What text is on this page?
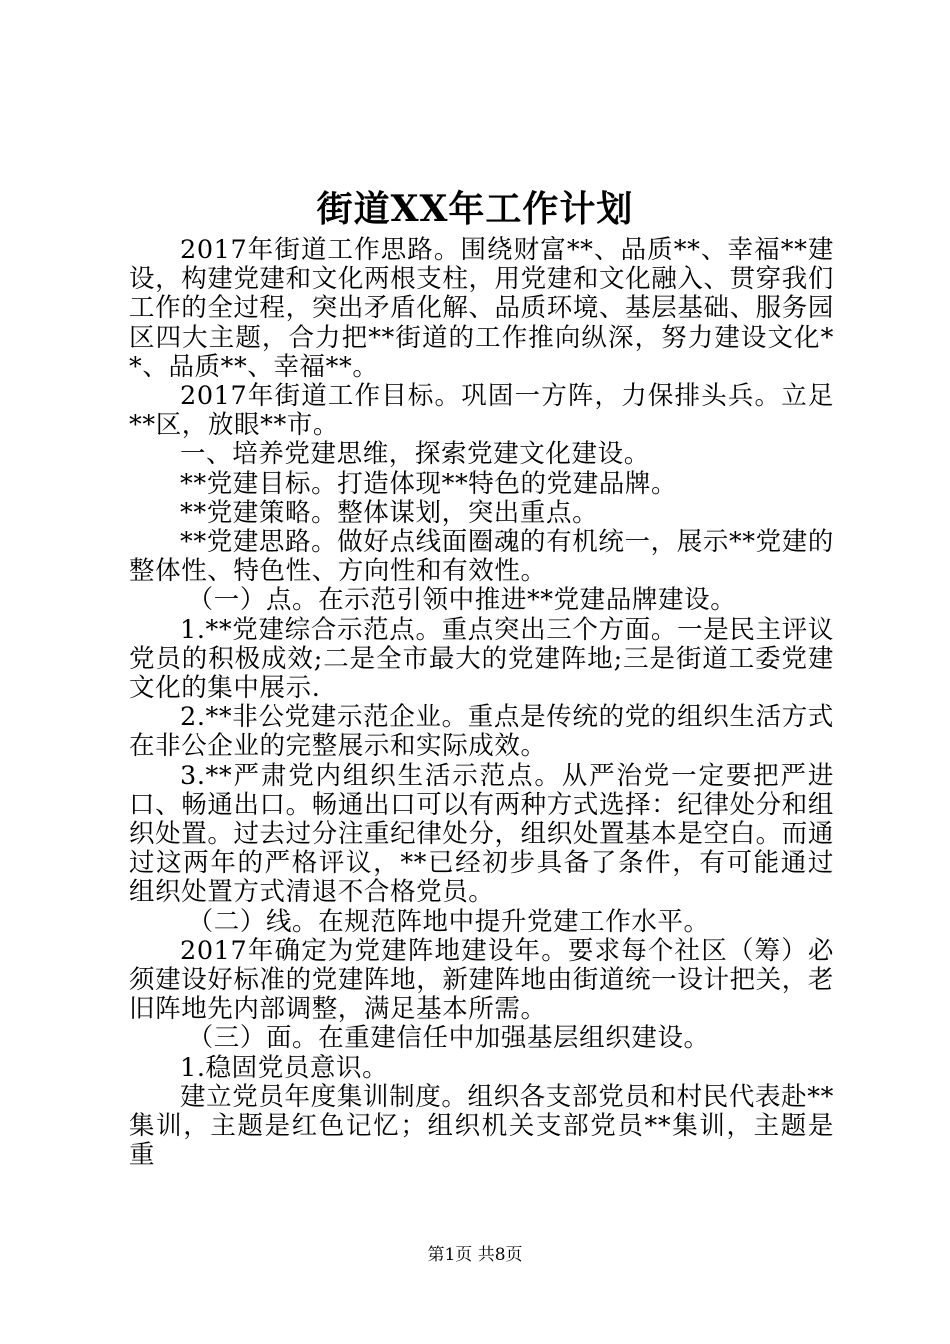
街道XX年工作计划

2017年街道工作思路。围绕财富**、品质**、幸福**建设，构建党建和文化两根支柱，用党建和文化融入、贯穿我们工作的全过程，突出矛盾化解、品质环境、基层基础、服务园区四大主题，合力把**街道的工作推向纵深，努力建设文化**、品质**、幸福**。

2017年街道工作目标。巩固一方阵，力保排头兵。立足**区，放眼**市。

一、培养党建思维，探索党建文化建设。

**党建目标。打造体现**特色的党建品牌。

**党建策略。整体谋划，突出重点。

**党建思路。做好点线面圈魂的有机统一，展示**党建的整体性、特色性、方向性和有效性。

（一）点。在示范引领中推进**党建品牌建设。

1.**党建综合示范点。重点突出三个方面。一是民主评议党员的积极成效;二是全市最大的党建阵地;三是街道工委党建文化的集中展示.

2.**非公党建示范企业。重点是传统的党的组织生活方式在非公企业的完整展示和实际成效。

3.**严肃党内组织生活示范点。从严治党一定要把严进口、畅通出口。畅通出口可以有两种方式选择：纪律处分和组织处置。过去过分注重纪律处分，组织处置基本是空白。而通过这两年的严格评议，**已经初步具备了条件，有可能通过组织处置方式清退不合格党员。

（二）线。在规范阵地中提升党建工作水平。

2017年确定为党建阵地建设年。要求每个社区（筹）必须建设好标准的党建阵地，新建阵地由街道统一设计把关，老旧阵地先内部调整，满足基本所需。

（三）面。在重建信任中加强基层组织建设。

1.稳固党员意识。

建立党员年度集训制度。组织各支部党员和村民代表赴**集训，主题是红色记忆；组织机关支部党员**集训，主题是重

第1页 共8页
